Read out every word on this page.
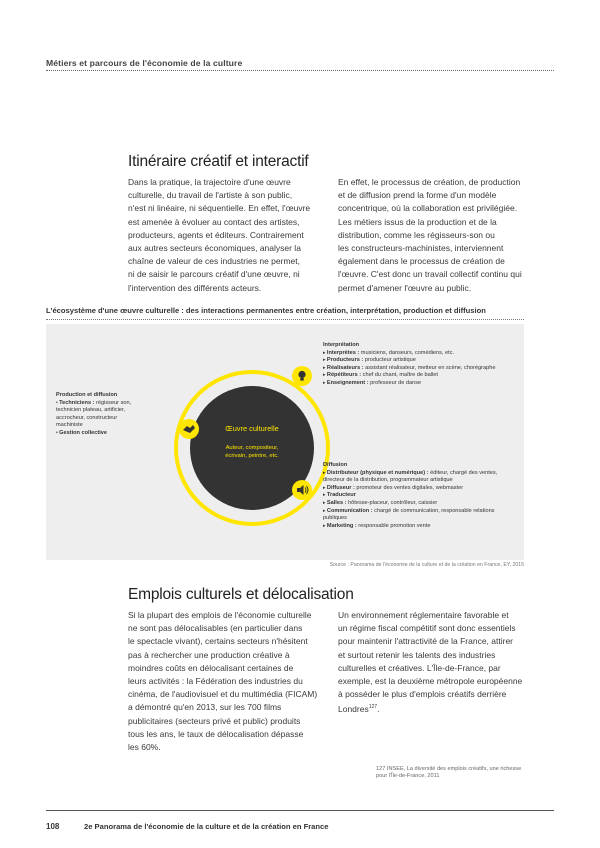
Métiers et parcours de l'économie de la culture
Itinéraire créatif et interactif

Dans la pratique, la trajectoire d'une œuvre
culturelle, du travail de l'artiste à son public,
n'est ni linéaire, ni séquentielle. En effet, l'œuvre
est amenée à évoluer au contact des artistes,
producteurs, agents et éditeurs. Contrairement
aux autres secteurs économiques, analyser la
chaîne de valeur de ces industries ne permet,
ni de saisir le parcours créatif d'une œuvre, ni
l'intervention des différents acteurs.

En effet, le processus de création, de production
et de diffusion prend la forme d'un modèle
concentrique, où la collaboration est privilégiée.
Les métiers issus de la production et de la
distribution, comme les régisseurs-son ou
les constructeurs-machinistes, interviennent
également dans le processus de création de
l'œuvre. C'est donc un travail collectif continu qui
permet d'amener l'œuvre au public.

L'écosystème d'une œuvre culturelle : des interactions permanentes entre création, interprétation, production et diffusion
Œuvre culturelle
Auteur, compositeur,
écrivain, peintre, etc.
Interprétation
▸ Interprètes : musiciens, danseurs, comédiens, etc.
▸ Producteurs : producteur artistique
▸ Réalisateurs : assistant réalisateur, metteur en scène, chorégraphe
▸ Répétiteurs : chef du chant, maître de ballet
▸ Enseignement : professeur de danse
Production et diffusion
• Techniciens : régisseur son, technicien plateau, artificier, accrocheur, constructeur machiniste
• Gestion collective
Diffusion
▸ Distributeur (physique et numérique) : éditeur, chargé des ventes, directeur de la distribution, programmateur artistique
▸ Diffuseur : promoteur des ventes digitales, webmaster
▸ Traducteur
▸ Salles : hôtesse-placeur, contrôleur, caissier
▸ Communication : chargé de communication, responsable relations publiques
▸ Marketing : responsable promotion vente
Source : Panorama de l'économie de la culture et de la création en France, EY, 2015
Emplois culturels et délocalisation

Si la plupart des emplois de l'économie culturelle
ne sont pas délocalisables (en particulier dans
le spectacle vivant), certains secteurs n'hésitent
pas à rechercher une production créative à
moindres coûts en délocalisant certaines de
leurs activités : la Fédération des industries du
cinéma, de l'audiovisuel et du multimédia (FICAM)
a démontré qu'en 2013, sur les 700 films
publicitaires (secteurs privé et public) produits
tous les ans, le taux de délocalisation dépasse
les 60%.

Un environnement réglementaire favorable et
un régime fiscal compétitif sont donc essentiels
pour maintenir l'attractivité de la France, attirer
et surtout retenir les talents des industries
culturelles et créatives. L'Île-de-France, par
exemple, est la deuxième métropole européenne
à posséder le plus d'emplois créatifs derrière
Londres$^{127}$.

127 INSEE, La diversité des emplois créatifs, une richesse
pour l'Île-de-France, 2011
108	2e Panorama de l'économie de la culture et de la création en France
